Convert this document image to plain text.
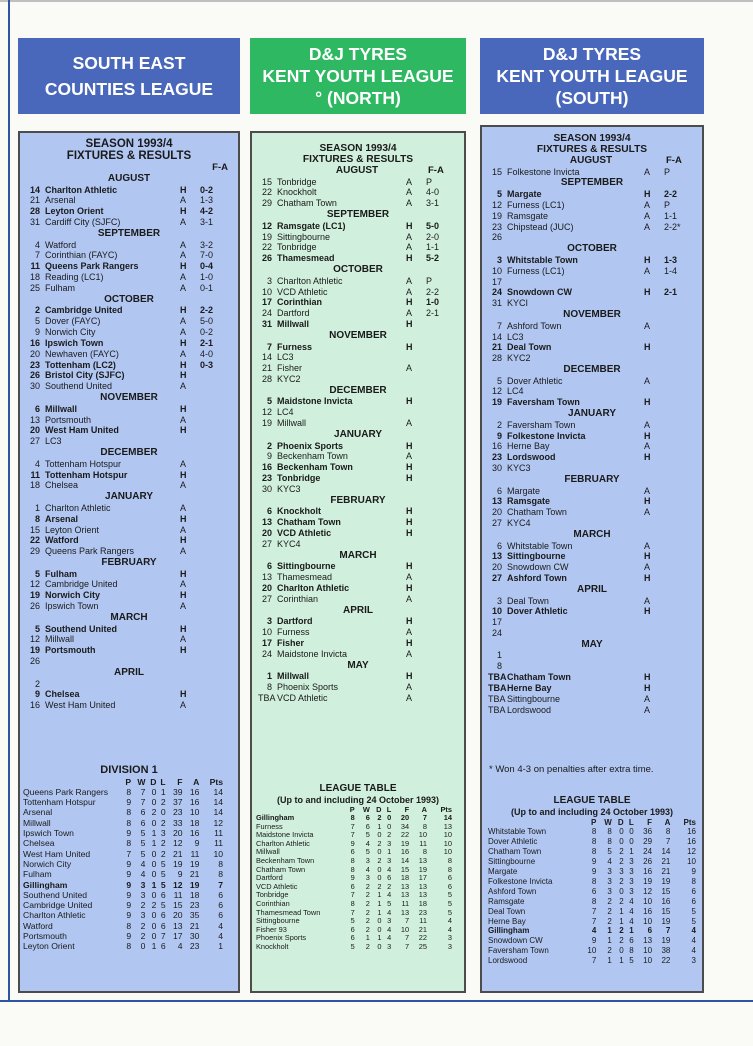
SOUTH EAST
COUNTIES LEAGUE
D&J TYRES
KENT YOUTH LEAGUE
° (NORTH)
D&J TYRES
KENT YOUTH LEAGUE
(SOUTH)
SEASON 1993/4
FIXTURES & RESULTS
F-A
AUGUST
14 Charlton Athletic	H	0-2
21 Arsenal	A	1-3
28 Leyton Orient	H	4-2
31 Cardiff City (SJFC)	A	3-1
SEPTEMBER
4 Watford	A	3-2
7 Corinthian (FAYC)	A	7-0
11 Queens Park Rangers	H	0-4
18 Reading (LC1)	A	1-0
25 Fulham	A	0-1
OCTOBER
2 Cambridge United	H	2-2
5 Dover (FAYC)	A	5-0
9 Norwich City	A	0-2
16 Ipswich Town	H	2-1
20 Newhaven (FAYC)	A	4-0
23 Tottenham (LC2)	H	0-3
26 Bristol City (SJFC)	H
30 Southend United	A
NOVEMBER
6 Millwall	H
13 Portsmouth	A
20 West Ham United	H
27 LC3
DECEMBER
4 Tottenham Hotspur	A
11 Tottenham Hotspur	H
18 Chelsea	A
JANUARY
1 Charlton Athletic	A
8 Arsenal	H
15 Leyton Orient	A
22 Watford	H
29 Queens Park Rangers	A
FEBRUARY
5 Fulham	H
12 Cambridge United	A
19 Norwich City	H
26 Ipswich Town	A
MARCH
5 Southend United	H
12 Millwall	A
19 Portsmouth	H
26
APRIL
2
9 Chelsea	H
16 West Ham United	A
DIVISION 1
	P	W	D	L	F	A	Pts
Queens Park Rangers	8	7	0	1	39	16	14
Tottenham Hotspur	9	7	0	2	37	16	14
Arsenal	8	6	2	0	23	10	14
Millwall	8	6	0	2	33	18	12
Ipswich Town	9	5	1	3	20	16	11
Chelsea	8	5	1	2	12	9	11
West Ham United	7	5	0	2	21	11	10
Norwich City	9	4	0	5	19	19	8
Fulham	9	4	0	5	9	21	8
Gillingham	9	3	1	5	12	19	7
Southend United	9	3	0	6	11	18	6
Cambridge United	9	2	2	5	15	23	6
Charlton Athletic	9	3	0	6	20	35	6
Watford	8	2	0	6	13	21	4
Portsmouth	9	2	0	7	17	30	4
Leyton Orient	8	0	1	6	4	23	1
SEASON 1993/4
FIXTURES & RESULTS
AUGUST	F-A
15 Tonbridge	A	P
22 Knockholt	A	4-0
29 Chatham Town	A	3-1
SEPTEMBER
12 Ramsgate (LC1)	H	5-0
19 Sittingbourne	A	2-0
22 Tonbridge	A	1-1
26 Thamesmead	H	5-2
OCTOBER
3 Charlton Athletic	A	P
10 VCD Athletic	A	2-2
17 Corinthian	H	1-0
24 Dartford	A	2-1
31 Millwall	H
NOVEMBER
7 Furness	H
14 LC3
21 Fisher	A
28 KYC2
DECEMBER
5 Maidstone Invicta	H
12 LC4
19 Millwall	A
JANUARY
2 Phoenix Sports	H
9 Beckenham Town	A
16 Beckenham Town	H
23 Tonbridge	H
30 KYC3
FEBRUARY
6 Knockholt	H
13 Chatham Town	H
20 VCD Athletic	H
27 KYC4
MARCH
6 Sittingbourne	H
13 Thamesmead	A
20 Charlton Athletic	H
27 Corinthian	A
APRIL
3 Dartford	H
10 Furness	A
17 Fisher	H
24 Maidstone Invicta	A
MAY
1 Millwall	H
8 Phoenix Sports	A
TBA VCD Athletic	A
LEAGUE TABLE
(Up to and including 24 October 1993)
	P	W	D	L	F	A	Pts
Gillingham	8	6	2	0	20	7	14
Furness	7	6	1	0	34	8	13
Maidstone Invicta	7	5	0	2	22	10	10
Charlton Athletic	9	4	2	3	19	11	10
Millwall	6	5	0	1	16	8	10
Beckenham Town	8	3	2	3	14	13	8
Chatham Town	8	4	0	4	15	19	8
Dartford	9	3	0	6	18	17	6
VCD Athletic	6	2	2	2	13	13	6
Tonbridge	7	2	1	4	13	13	5
Corinthian	8	2	1	5	11	18	5
Thamesmead Town	7	2	1	4	13	23	5
Sittingbourne	5	2	0	3	7	11	4
Fisher 93	6	2	0	4	10	21	4
Phoenix Sports	6	1	1	4	7	22	3
Knockholt	5	2	0	3	7	25	3
SEASON 1993/4
FIXTURES & RESULTS
AUGUST	F-A
15 Folkestone Invicta	A	P
SEPTEMBER
5 Margate	H	2-2
12 Furness (LC1)	A	P
19 Ramsgate	A	1-1
23 Chipstead (JUC)	A	2-2*
26
OCTOBER
3 Whitstable Town	H	1-3
10 Furness (LC1)	A	1-4
17
24 Snowdown CW	H	2-1
31 KYCI
NOVEMBER
7 Ashford Town	A
14 LC3
21 Deal Town	H
28 KYC2
DECEMBER
5 Dover Athletic	A
12 LC4
19 Faversham Town	H
JANUARY
2 Faversham Town	A
9 Folkestone Invicta	H
16 Herne Bay	A
23 Lordswood	H
30 KYC3
FEBRUARY
6 Margate	A
13 Ramsgate	H
20 Chatham Town	A
27 KYC4
MARCH
6 Whitstable Town	A
13 Sittingbourne	H
20 Snowdown CW	A
27 Ashford Town	H
APRIL
3 Deal Town	A
10 Dover Athletic	H
17
24
MAY
1
8
TBA Chatham Town	H
TBA Herne Bay	H
TBA Sittingbourne	A
TBA Lordswood	A
* Won 4-3 on penalties after extra time.
LEAGUE TABLE
(Up to and including 24 October 1993)
	P	W	D	L	F	A	Pts
Whitstable Town	8	8	0	0	36	8	16
Dover Athletic	8	8	0	0	29	7	16
Chatham Town	8	5	2	1	24	14	12
Sittingbourne	9	4	2	3	26	21	10
Margate	9	3	3	3	16	21	9
Folkestone Invicta	8	3	2	3	19	19	8
Ashford Town	6	3	0	3	12	15	6
Ramsgate	8	2	2	4	10	16	6
Deal Town	7	2	1	4	16	15	5
Herne Bay	7	2	1	4	10	19	5
Gillingham	4	1	2	1	6	7	4
Snowdown CW	9	1	2	6	13	19	4
Faversham Town	10	2	0	8	10	38	4
Lordswood	7	1	1	5	10	22	3
